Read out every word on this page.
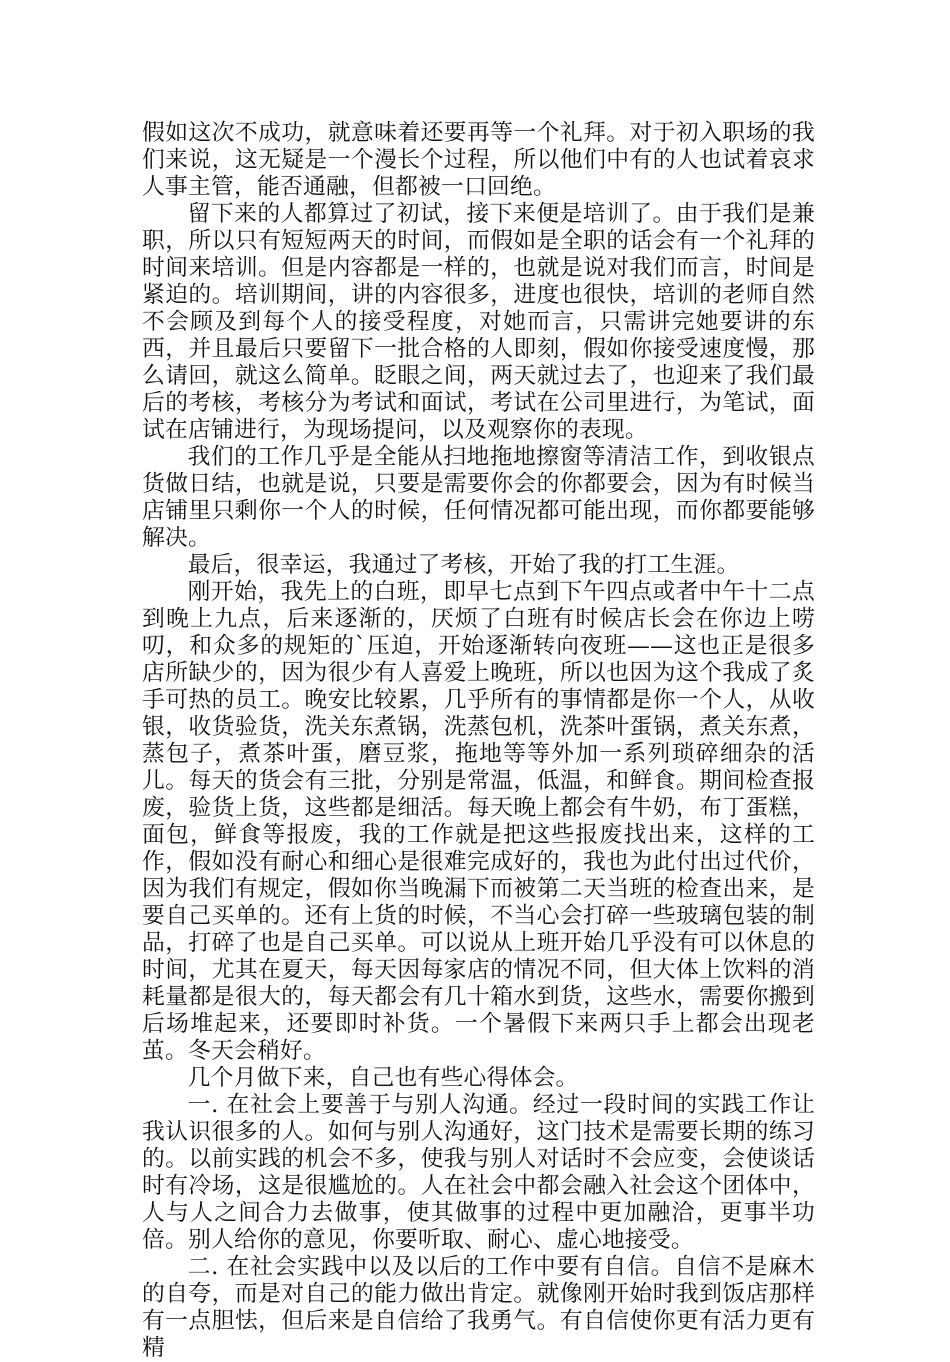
假如这次不成功，就意味着还要再等一个礼拜。对于初入职场的我们来说，这无疑是一个漫长个过程，所以他们中有的人也试着哀求人事主管，能否通融，但都被一口回绝。

留下来的人都算过了初试，接下来便是培训了。由于我们是兼职，所以只有短短两天的时间，而假如是全职的话会有一个礼拜的时间来培训。但是内容都是一样的，也就是说对我们而言，时间是紧迫的。培训期间，讲的内容很多，进度也很快，培训的老师自然不会顾及到每个人的接受程度，对她而言，只需讲完她要讲的东西，并且最后只要留下一批合格的人即刻，假如你接受速度慢，那么请回，就这么简单。眨眼之间，两天就过去了，也迎来了我们最后的考核，考核分为考试和面试，考试在公司里进行，为笔试，面试在店铺进行，为现场提问，以及观察你的表现。

我们的工作几乎是全能从扫地拖地擦窗等清洁工作，到收银点货做日结，也就是说，只要是需要你会的你都要会，因为有时候当店铺里只剩你一个人的时候，任何情况都可能出现，而你都要能够解决。

最后，很幸运，我通过了考核，开始了我的打工生涯。

刚开始，我先上的白班，即早七点到下午四点或者中午十二点到晚上九点，后来逐渐的，厌烦了白班有时候店长会在你边上唠叨，和众多的规矩的`压迫，开始逐渐转向夜班——这也正是很多店所缺少的，因为很少有人喜爱上晚班，所以也因为这个我成了炙手可热的员工。晚安比较累，几乎所有的事情都是你一个人，从收银，收货验货，洗关东煮锅，洗蒸包机，洗茶叶蛋锅，煮关东煮，蒸包子，煮茶叶蛋，磨豆浆，拖地等等外加一系列琐碎细杂的活儿。每天的货会有三批，分别是常温，低温，和鲜食。期间检查报废，验货上货，这些都是细活。每天晚上都会有牛奶，布丁蛋糕，面包，鲜食等报废，我的工作就是把这些报废找出来，这样的工作，假如没有耐心和细心是很难完成好的，我也为此付出过代价，因为我们有规定，假如你当晚漏下而被第二天当班的检查出来，是要自己买单的。还有上货的时候，不当心会打碎一些玻璃包装的制品，打碎了也是自己买单。可以说从上班开始几乎没有可以休息的时间，尤其在夏天，每天因每家店的情况不同，但大体上饮料的消耗量都是很大的，每天都会有几十箱水到货，这些水，需要你搬到后场堆起来，还要即时补货。一个暑假下来两只手上都会出现老茧。冬天会稍好。

几个月做下来，自己也有些心得体会。

一. 在社会上要善于与别人沟通。经过一段时间的实践工作让我认识很多的人。如何与别人沟通好，这门技术是需要长期的练习的。以前实践的机会不多，使我与别人对话时不会应变，会使谈话时有冷场，这是很尴尬的。人在社会中都会融入社会这个团体中，人与人之间合力去做事，使其做事的过程中更加融洽，更事半功倍。别人给你的意见，你要听取、耐心、虚心地接受。

二. 在社会实践中以及以后的工作中要有自信。自信不是麻木的自夸，而是对自己的能力做出肯定。就像刚开始时我到饭店那样有一点胆怯，但后来是自信给了我勇气。有自信使你更有活力更有精
